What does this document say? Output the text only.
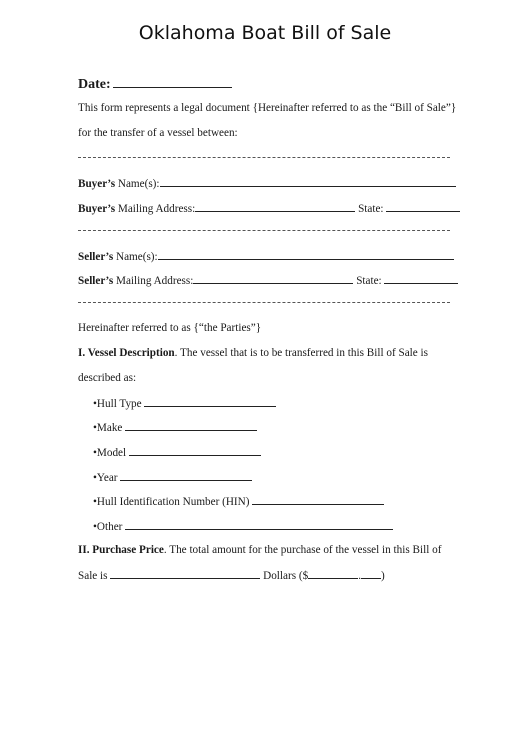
Oklahoma Boat Bill of Sale
Date:
This form represents a legal document {Hereinafter referred to as the “Bill of Sale”}
for the transfer of a vessel between:
Buyer’s Name(s):
Buyer’s Mailing Address:	State:
Seller’s Name(s):
Seller’s Mailing Address:	State:
Hereinafter referred to as {“the Parties”}
I. Vessel Description. The vessel that is to be transferred in this Bill of Sale is
described as:
•Hull Type
•Make
•Model
•Year
•Hull Identification Number (HIN)
•Other
II. Purchase Price. The total amount for the purchase of the vessel in this Bill of
Sale is	Dollars ($	. )
